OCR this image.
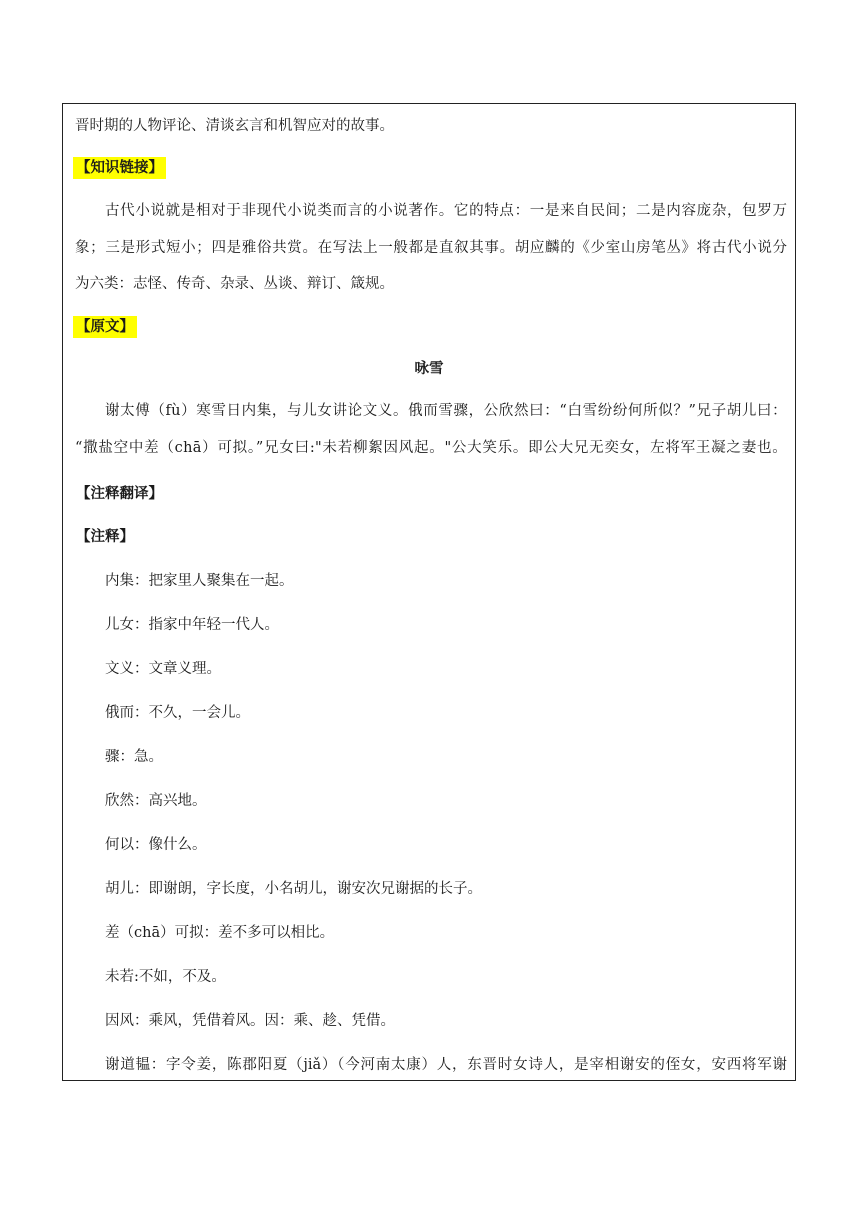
晋时期的人物评论、清谈玄言和机智应对的故事。
【知识链接】
古代小说就是相对于非现代小说类而言的小说著作。它的特点：一是来自民间；二是内容庞杂，包罗万
象；三是形式短小；四是雅俗共赏。在写法上一般都是直叙其事。胡应麟的《少室山房笔丛》将古代小说分
为六类：志怪、传奇、杂录、丛谈、辩订、箴规。
【原文】
咏雪
谢太傅（fù）寒雪日内集，与儿女讲论文义。俄而雪骤，公欣然曰：“白雪纷纷何所似？”兄子胡儿曰：
“撒盐空中差（chā）可拟。”兄女曰:"未若柳絮因风起。"公大笑乐。即公大兄无奕女，左将军王凝之妻也。
【注释翻译】
【注释】
内集：把家里人聚集在一起。
儿女：指家中年轻一代人。
文义：文章义理。
俄而：不久，一会儿。
骤：急。
欣然：高兴地。
何以：像什么。
胡儿：即谢朗，字长度，小名胡儿，谢安次兄谢据的长子。
差（chā）可拟：差不多可以相比。
未若:不如，不及。
因风：乘风，凭借着风。因：乘、趁、凭借。
谢道韫：字令姜，陈郡阳夏（jiǎ）（今河南太康）人，东晋时女诗人，是宰相谢安的侄女，安西将军谢
